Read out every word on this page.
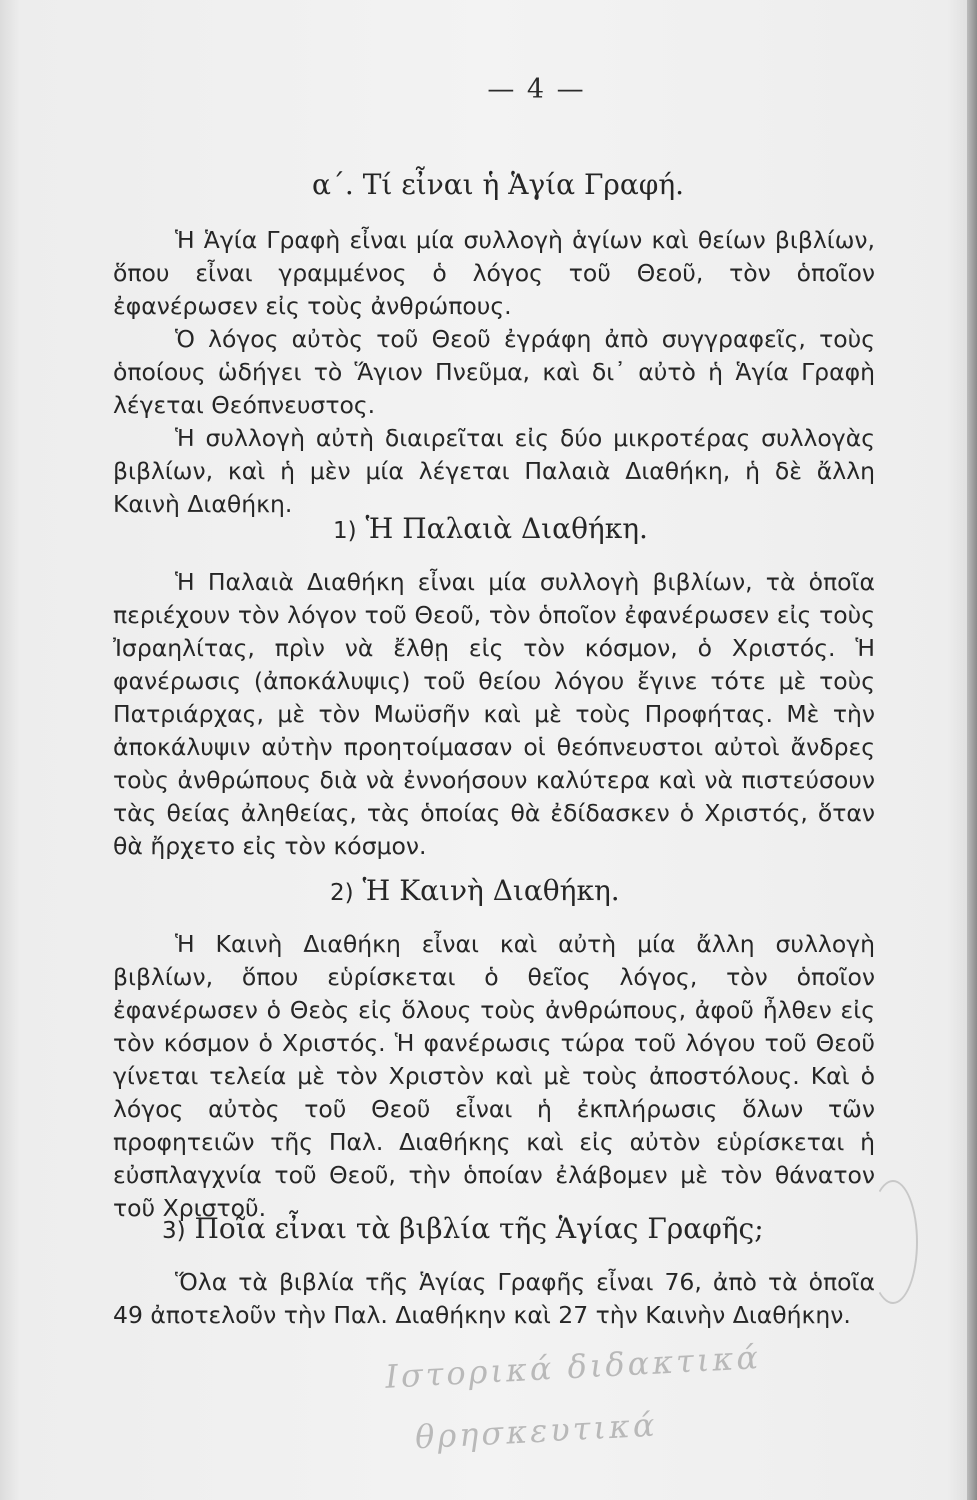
— 4 —
α΄. Τί εἶναι ἡ Ἁγία Γραφή.

Ἡ Ἁγία Γραφὴ εἶναι μία συλλογὴ ἁγίων καὶ θείων βιβλίων, ὅπου εἶναι γραμμένος ὁ λόγος τοῦ Θεοῦ, τὸν ὁποῖον ἐφανέρωσεν εἰς τοὺς ἀνθρώπους.

Ὁ λόγος αὐτὸς τοῦ Θεοῦ ἐγράφη ἀπὸ συγγραφεῖς, τοὺς ὁποίους ὡδήγει τὸ Ἅγιον Πνεῦμα, καὶ δι᾽ αὐτὸ ἡ Ἁγία Γραφὴ λέγεται Θεόπνευστος.

Ἡ συλλογὴ αὐτὴ διαιρεῖται εἰς δύο μικροτέρας συλλογὰς βιβλίων, καὶ ἡ μὲν μία λέγεται Παλαιὰ Διαθήκη, ἡ δὲ ἄλλη Καινὴ Διαθήκη.

1) Ἡ Παλαιὰ Διαθήκη.

Ἡ Παλαιὰ Διαθήκη εἶναι μία συλλογὴ βιβλίων, τὰ ὁποῖα περιέχουν τὸν λόγον τοῦ Θεοῦ, τὸν ὁποῖον ἐφανέρωσεν εἰς τοὺς Ἰσραηλίτας, πρὶν νὰ ἔλθῃ εἰς τὸν κόσμον, ὁ Χριστός. Ἡ φανέρωσις (ἀποκάλυψις) τοῦ θείου λόγου ἔγινε τότε μὲ τοὺς Πατριάρχας, μὲ τὸν Μωϋσῆν καὶ μὲ τοὺς Προφήτας. Μὲ τὴν ἀποκάλυψιν αὐτὴν προητοίμασαν οἱ θεόπνευστοι αὐτοὶ ἄνδρες τοὺς ἀνθρώπους διὰ νὰ ἐννοήσουν καλύτερα καὶ νὰ πιστεύσουν τὰς θείας ἀληθείας, τὰς ὁποίας θὰ ἐδίδασκεν ὁ Χριστός, ὅταν θὰ ἤρχετο εἰς τὸν κόσμον.

2) Ἡ Καινὴ Διαθήκη.

Ἡ Καινὴ Διαθήκη εἶναι καὶ αὐτὴ μία ἄλλη συλλογὴ βιβλίων, ὅπου εὑρίσκεται ὁ θεῖος λόγος, τὸν ὁποῖον ἐφανέρωσεν ὁ Θεὸς εἰς ὅλους τοὺς ἀνθρώπους, ἀφοῦ ἦλθεν εἰς τὸν κόσμον ὁ Χριστός. Ἡ φανέρωσις τώρα τοῦ λόγου τοῦ Θεοῦ γίνεται τελεία μὲ τὸν Χριστὸν καὶ μὲ τοὺς ἀποστόλους. Καὶ ὁ λόγος αὐτὸς τοῦ Θεοῦ εἶναι ἡ ἐκπλήρωσις ὅλων τῶν προφητειῶν τῆς Παλ. Διαθήκης καὶ εἰς αὐτὸν εὑρίσκεται ἡ εὐσπλαγχνία τοῦ Θεοῦ, τὴν ὁποίαν ἐλάβομεν μὲ τὸν θάνατον τοῦ Χριστοῦ.

3) Ποῖα εἶναι τὰ βιβλία τῆς Ἁγίας Γραφῆς;

Ὅλα τὰ βιβλία τῆς Ἁγίας Γραφῆς εἶναι 76, ἀπὸ τὰ ὁποῖα 49 ἀποτελοῦν τὴν Παλ. Διαθήκην καὶ 27 τὴν Καινὴν Διαθήκην.

Ιστορικά διδακτικά
θρησκευτικά
